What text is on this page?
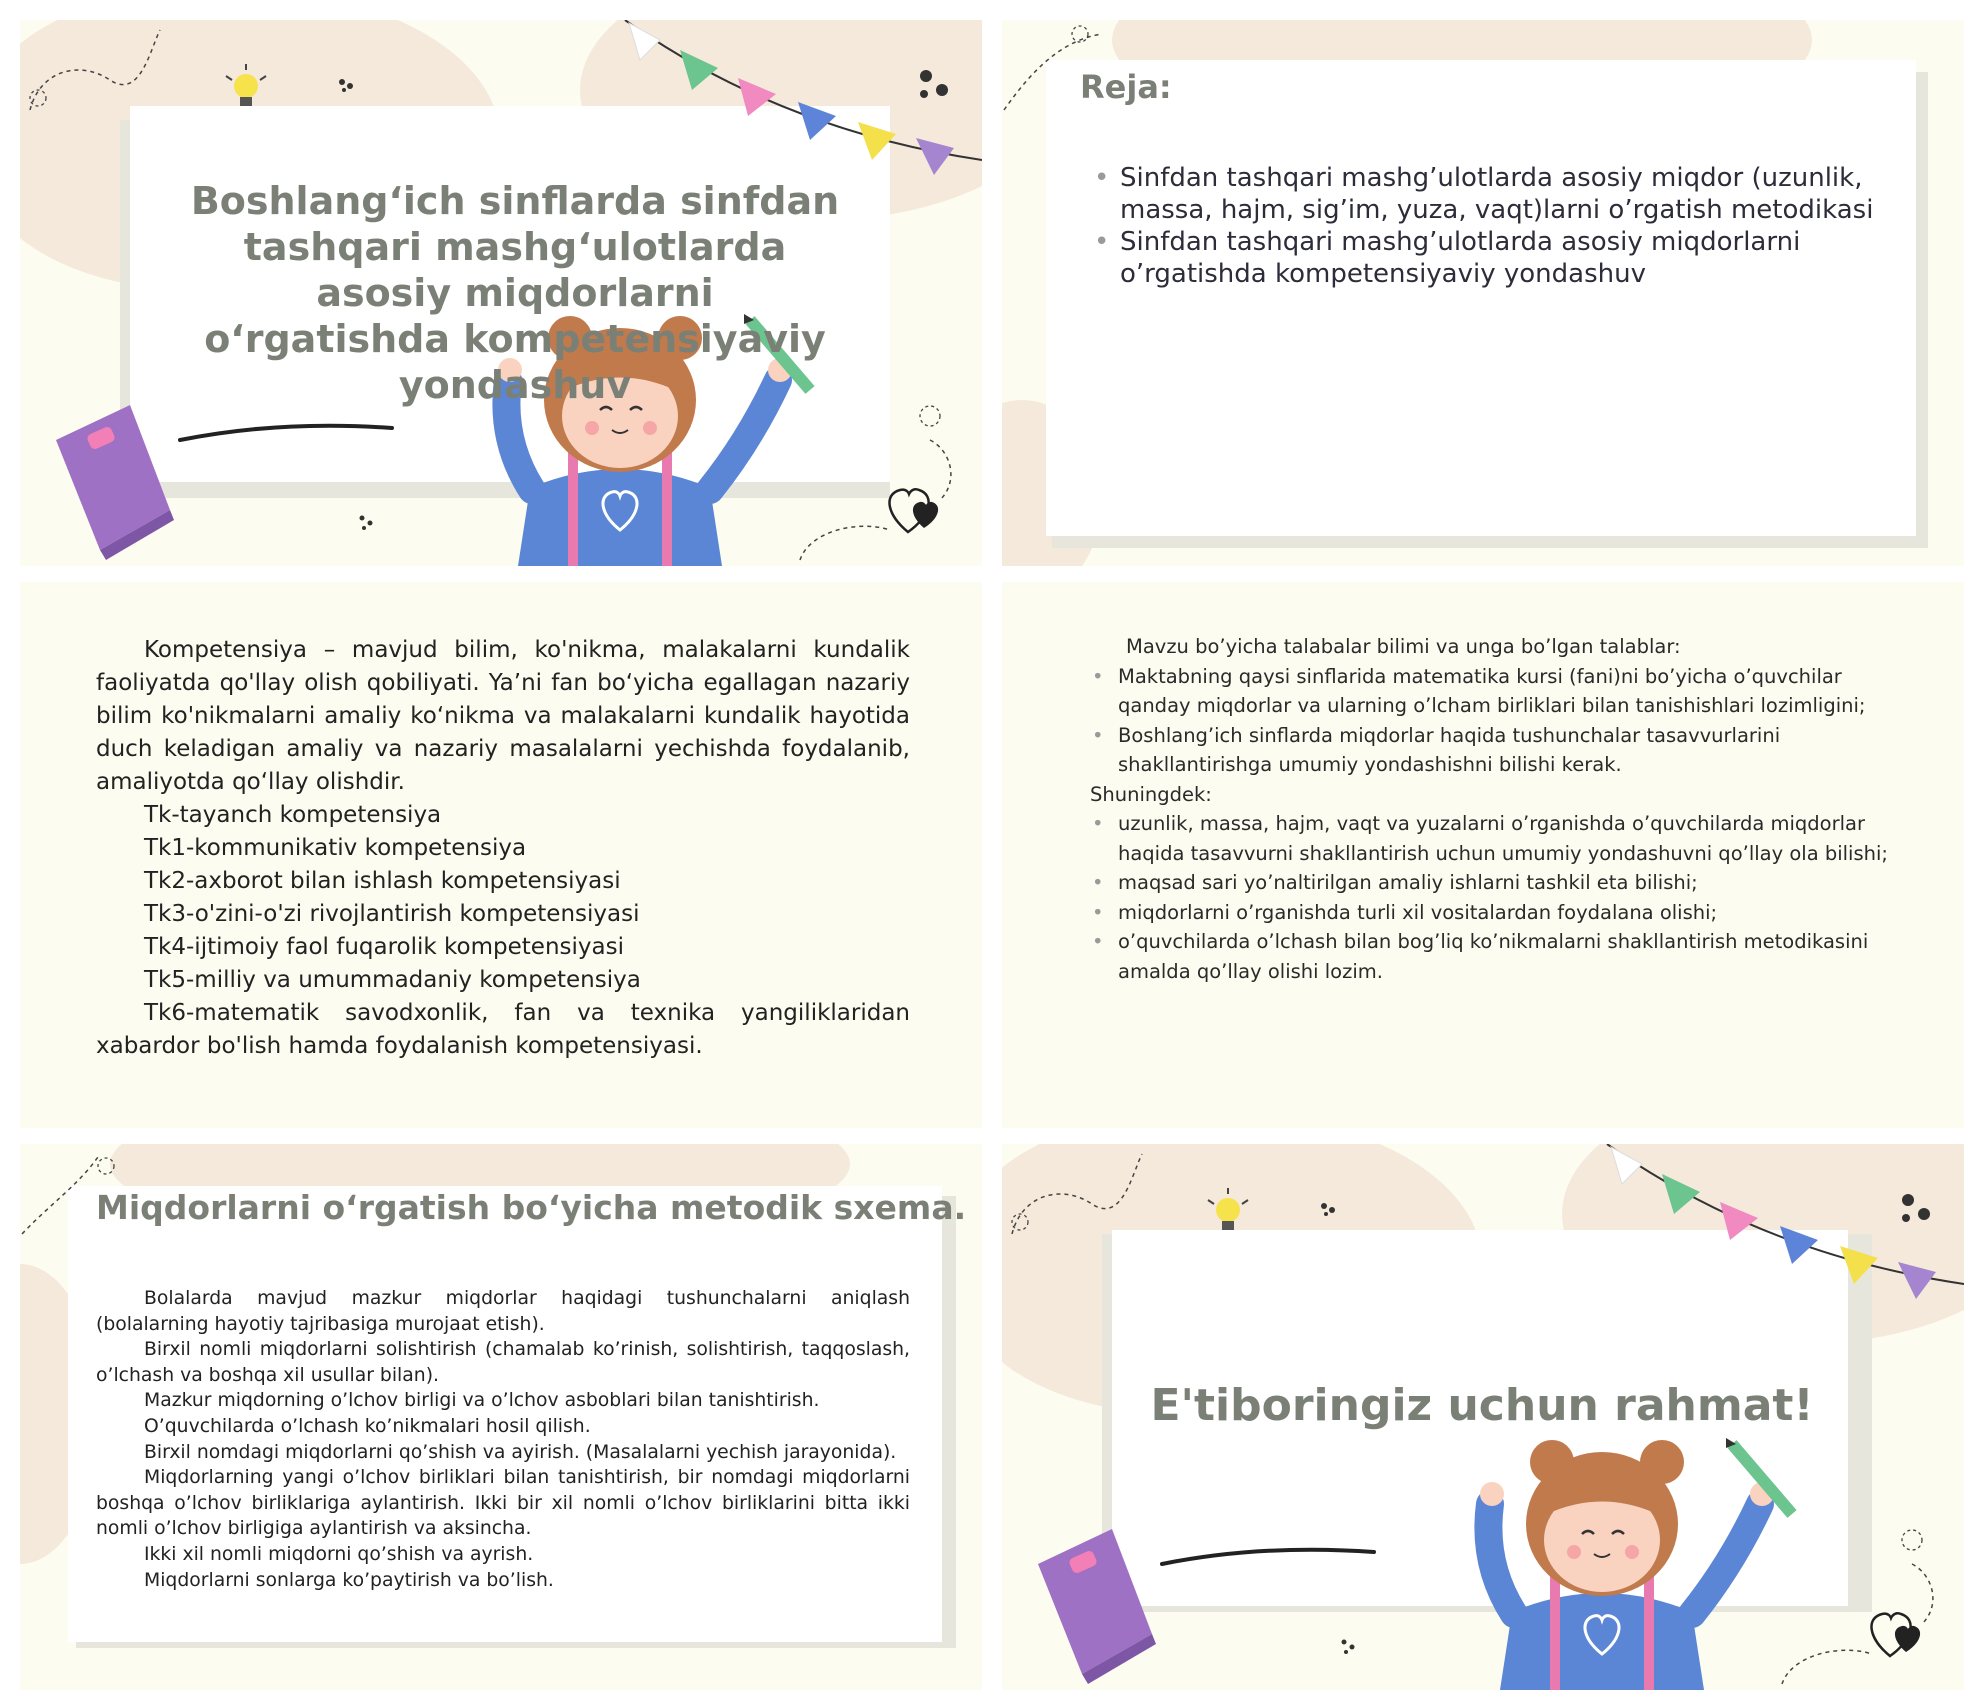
Boshlang‘ich sinflarda sinfdan tashqari mashg‘ulotlarda asosiy miqdorlarni o‘rgatishda kompetensiyaviy yondashuv
Reja:
• Sinfdan tashqari mashg’ulotlarda asosiy miqdor (uzunlik, massa, hajm, sig’im, yuza, vaqt)larni o’rgatish metodikasi
• Sinfdan tashqari mashg’ulotlarda asosiy miqdorlarni o’rgatishda kompetensiyaviy yondashuv

Kompetensiya – mavjud bilim, ko'nikma, malakalarni kundalik faoliyatda qo'llay olish qobiliyati. Ya’ni fan bo‘yicha egallagan nazariy bilim ko'nikmalarni amaliy ko‘nikma va malakalarni kundalik hayotida duch keladigan amaliy va nazariy masalalarni yechishda foydalanib, amaliyotda qo‘llay olishdir.

Tk-tayanch kompetensiya

Tk1-kommunikativ kompetensiya

Tk2-axborot bilan ishlash kompetensiyasi

Tk3-o'zini-o'zi rivojlantirish kompetensiyasi

Tk4-ijtimoiy faol fuqarolik kompetensiyasi

Tk5-milliy va umummadaniy kompetensiya

Tk6-matematik savodxonlik, fan va texnika yangiliklaridan xabardor bo'lish hamda foydalanish kompetensiyasi.

Mavzu bo’yicha talabalar bilimi va unga bo’lgan talablar:
• Maktabning qaysi sinflarida matematika kursi (fani)ni bo’yicha o’quvchilar qanday miqdorlar va ularning o’lcham birliklari bilan tanishishlari lozimligini;
• Boshlang’ich sinflarda miqdorlar haqida tushunchalar tasavvurlarini shakllantirishga umumiy yondashishni bilishi kerak.
Shuningdek:
• uzunlik, massa, hajm, vaqt va yuzalarni o’rganishda o’quvchilarda miqdorlar haqida tasavvurni shakllantirish uchun umumiy yondashuvni qo’llay ola bilishi;
• maqsad sari yo’naltirilgan amaliy ishlarni tashkil eta bilishi;
• miqdorlarni o’rganishda turli xil vositalardan foydalana olishi;
• o’quvchilarda o’lchash bilan bog’liq ko’nikmalarni shakllantirish metodikasini amalda qo’llay olishi lozim.
Miqdorlarni o‘rgatish bo‘yicha metodik sxema.

Bolalarda mavjud mazkur miqdorlar haqidagi tushunchalarni aniqlash (bolalarning hayotiy tajribasiga murojaat etish).

Birxil nomli miqdorlarni solishtirish (chamalab ko’rinish, solishtirish, taqqoslash, o’lchash va boshqa xil usullar bilan).

Mazkur miqdorning o’lchov birligi va o’lchov asboblari bilan tanishtirish.

O’quvchilarda o’lchash ko’nikmalari hosil qilish.

Birxil nomdagi miqdorlarni qo’shish va ayirish. (Masalalarni yechish jarayonida).

Miqdorlarning yangi o’lchov birliklari bilan tanishtirish, bir nomdagi miqdorlarni boshqa o’lchov birliklariga aylantirish. Ikki bir xil nomli o’lchov birliklarini bitta ikki nomli o’lchov birligiga aylantirish va aksincha.

Ikki xil nomli miqdorni qo’shish va ayrish.

Miqdorlarni sonlarga ko’paytirish va bo’lish.

E'tiboringiz uchun rahmat!
